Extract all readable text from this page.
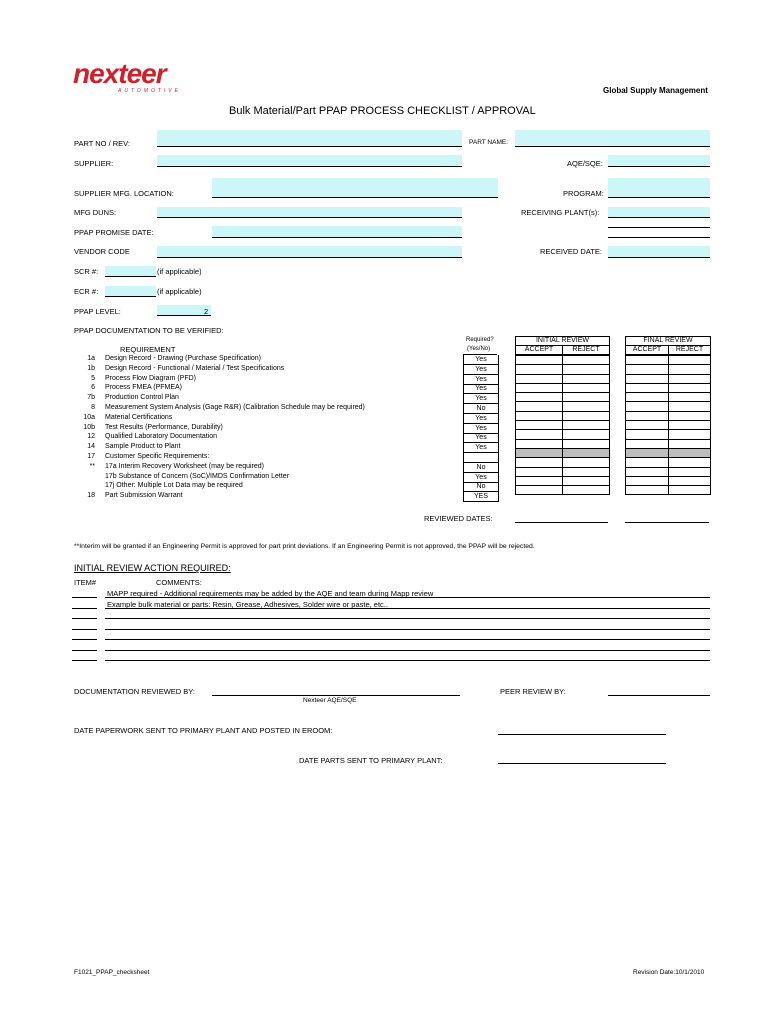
nexteer
AUTOMOTIVE	Global Supply Management
Bulk Material/Part PPAP PROCESS CHECKLIST / APPROVAL
PART NO / REV:	PART NAME:
SUPPLIER:	AQE/SQE:
SUPPLIER MFG. LOCATION:	PROGRAM:
MFG DUNS:	RECEIVING PLANT(s):
PPAP PROMISE DATE:
VENDOR CODE	RECEIVED DATE:
SCR #:	(if applicable)
ECR #:	(if applicable)
PPAP LEVEL:	2
PPAP DOCUMENTATION TO BE VERIFIED:
Required?
(Yes/No)
REQUIREMENT
INITIAL REVIEW
ACCEPT	REJECT
FINAL REVIEW
ACCEPT	REJECT
1a Design Record - Drawing (Purchase Specification)	Yes
1b Design Record - Functional / Material / Test Specifications	Yes
5 Process Flow Diagram (PFD)	Yes
6 Process FMEA (PFMEA)	Yes
7b Production Control Plan	Yes
8 Measurement System Analysis (Gage R&R) (Calibration Schedule may be required)	No
10a Material Certifications	Yes
10b Test Results (Performance, Durability)	Yes
12 Qualified Laboratory Documentation	Yes
14 Sample Product to Plant	Yes
17 Customer Specific Requirements:
** 17a Interim Recovery Worksheet (may be required)	No
17b Substance of Concern (SoC)/IMDS Confirmation Letter	Yes
17j Other: Multiple Lot Data may be required	No
18 Part Submission Warrant	YES

REVIEWED DATES:
**Interim will be granted if an Engineering Permit is approved for part print deviations. If an Engineering Permit is not approved, the PPAP will be rejected.
INITIAL REVIEW ACTION REQUIRED:
ITEM#	COMMENTS:
MAPP required - Additional requirements may be added by the AQE and team during Mapp review
Example bulk material or parts: Resin, Grease, Adhesives, Solder wire or paste, etc..
DOCUMENTATION REVIEWED BY:
Nexteer AQE/SQE
PEER REVIEW BY:
DATE PAPERWORK SENT TO PRIMARY PLANT AND POSTED IN EROOM:
DATE PARTS SENT TO PRIMARY PLANT:
F1021_PPAP_checksheet	Revision Date:10/1/2010
